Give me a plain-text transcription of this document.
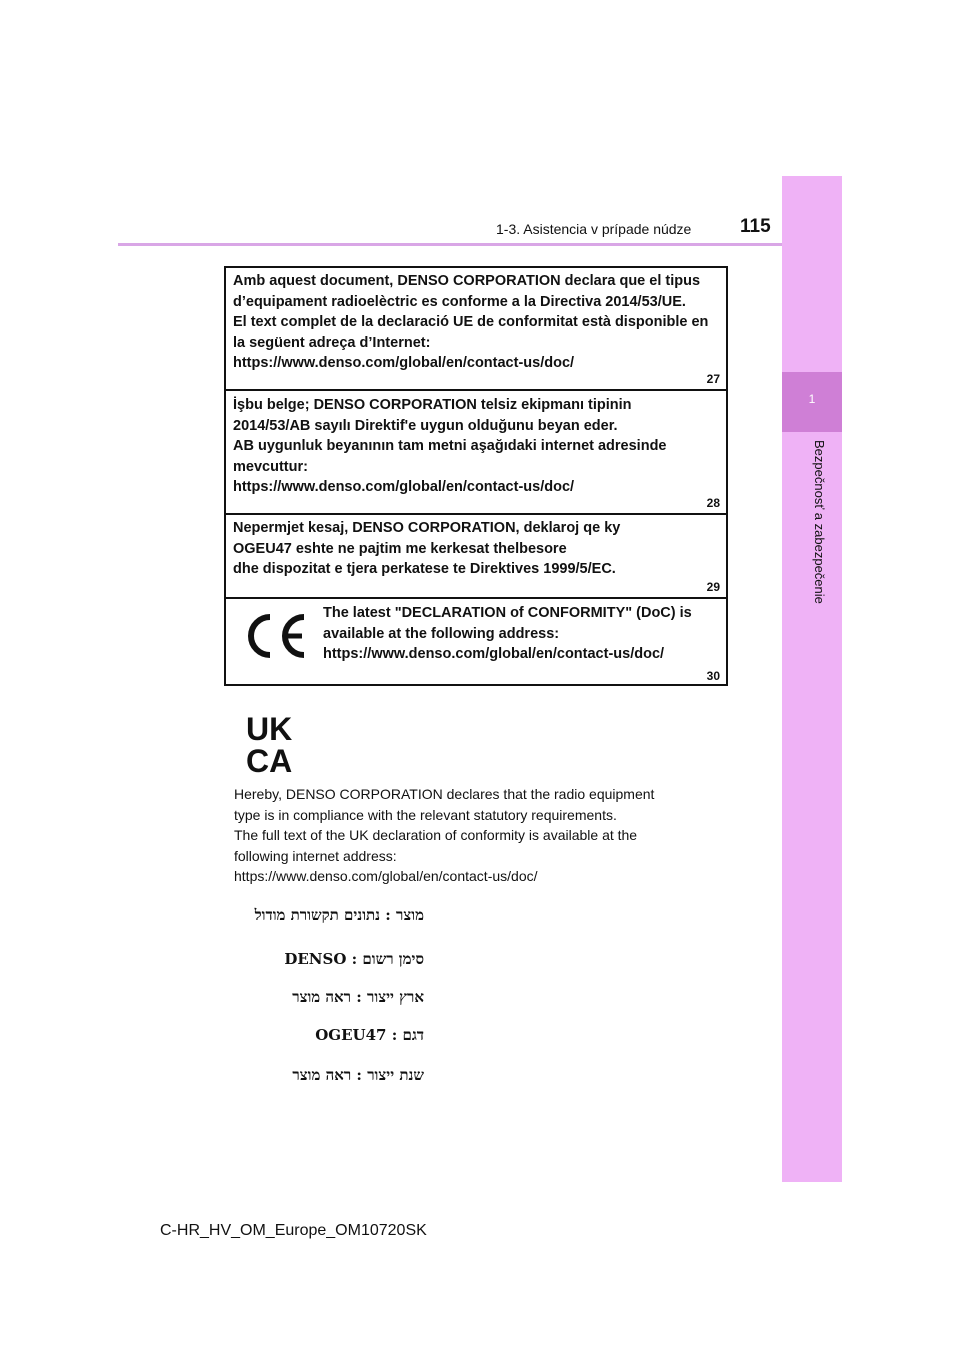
1-3. Asistencia v prípade núdze	115
1
Bezpečnosť a zabezpečenie
Amb aquest document, DENSO CORPORATION declara que el tipus
d’equipament radioelèctric es conforme a la Directiva 2014/53/UE.
El text complet de la declaració UE de conformitat està disponible en
la següent adreça d’Internet:
https://www.denso.com/global/en/contact-us/doc/
27
İşbu belge; DENSO CORPORATION telsiz ekipmanı tipinin
2014/53/AB sayılı Direktif'e uygun olduğunu beyan eder.
AB uygunluk beyanının tam metni aşağıdaki internet adresinde
mevcuttur:
https://www.denso.com/global/en/contact-us/doc/
28
Nepermjet kesaj, DENSO CORPORATION, deklaroj qe ky
OGEU47 eshte ne pajtim me kerkesat thelbesore
dhe dispozitat e tjera perkatese te Direktives 1999/5/EC.
29
The latest "DECLARATION of CONFORMITY" (DoC) is
available at the following address:
https://www.denso.com/global/en/contact-us/doc/
30
UK
CA
Hereby, DENSO CORPORATION declares that the radio equipment
type is in compliance with the relevant statutory requirements.
The full text of the UK declaration of conformity is available at the
following internet address:
https://www.denso.com/global/en/contact-us/doc/
מוצר : נתונים תקשורת מודול
סימן רשום : DENSO
ארץ ייצור : ראה מוצר
דגם : OGEU47
שנת ייצור : ראה מוצר
C-HR_HV_OM_Europe_OM10720SK
